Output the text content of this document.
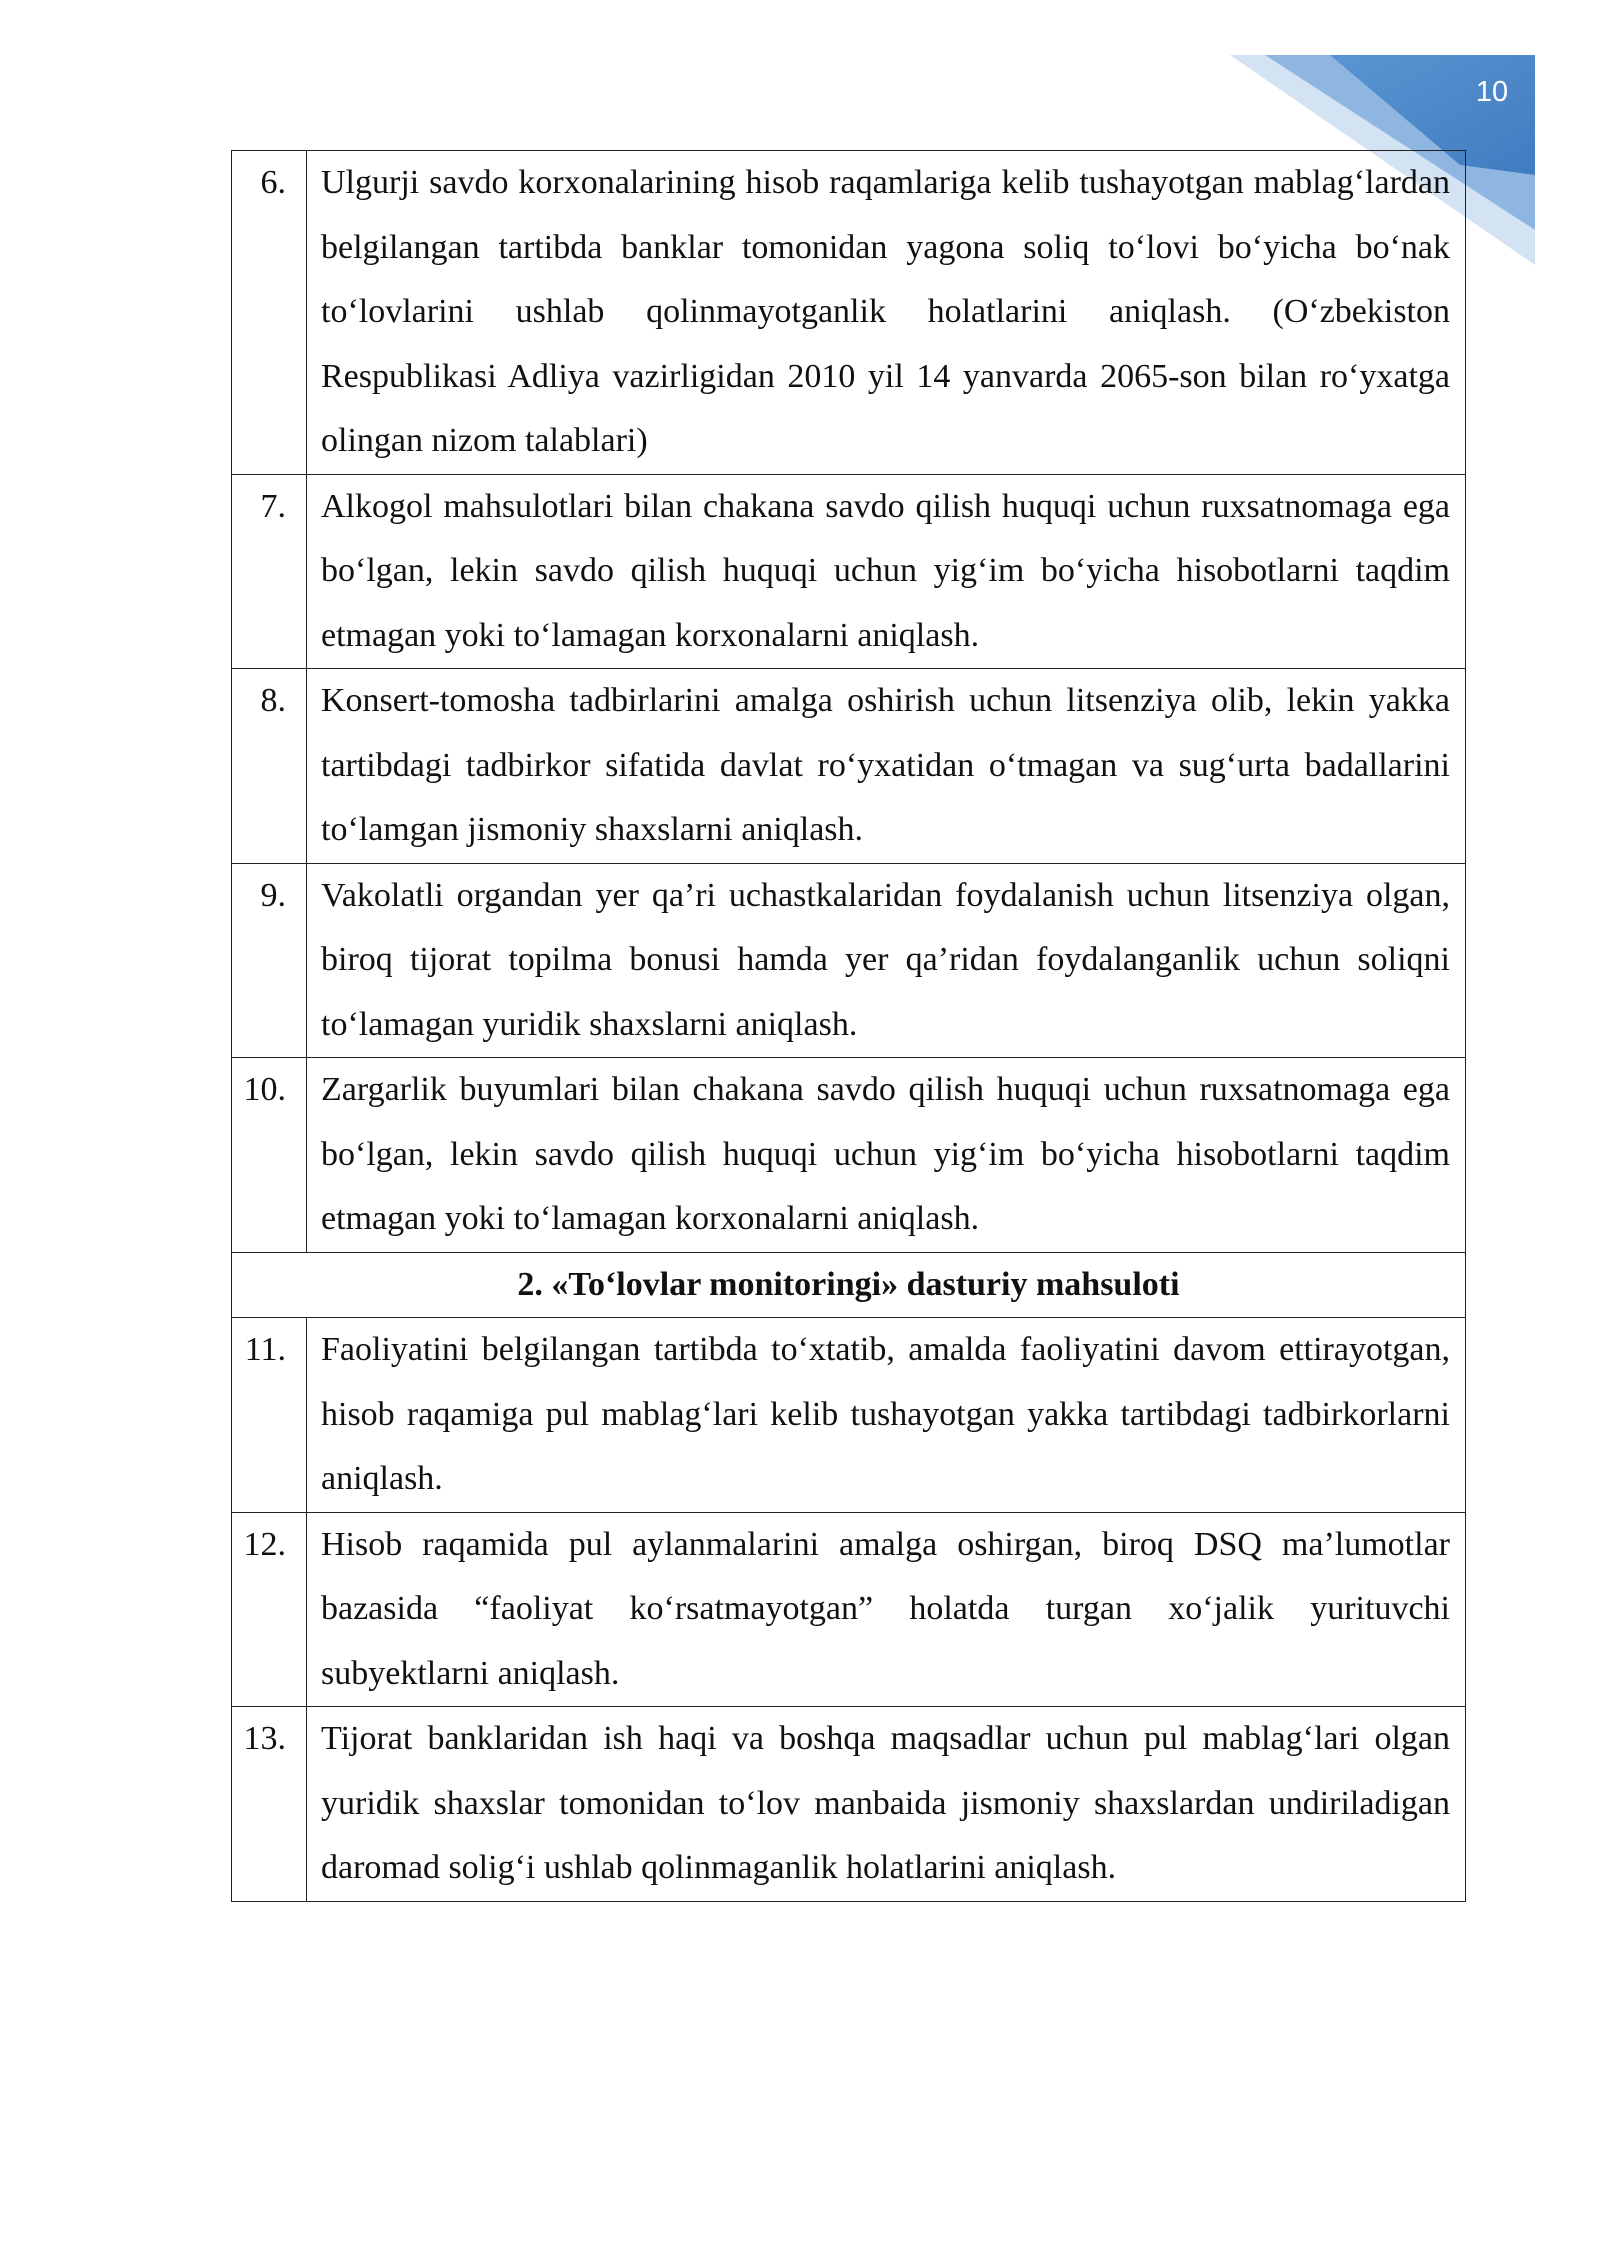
10
6.	Ulgurji savdo korxonalarining hisob raqamlariga kelib tushayotgan mablag‘lardan belgilangan tartibda banklar tomonidan yagona soliq to‘lovi bo‘yicha bo‘nak to‘lovlarini ushlab qolinmayotganlik holatlarini aniqlash. (O‘zbekiston Respublikasi Adliya vazirligidan 2010 yil 14 yanvarda 2065-son bilan ro‘yxatga olingan nizom talablari)
7.	Alkogol mahsulotlari bilan chakana savdo qilish huquqi uchun ruxsatnomaga ega bo‘lgan, lekin savdo qilish huquqi uchun yig‘im bo‘yicha hisobotlarni taqdim etmagan yoki to‘lamagan korxonalarni aniqlash.
8.	Konsert-tomosha tadbirlarini amalga oshirish uchun litsenziya olib, lekin yakka tartibdagi tadbirkor sifatida davlat ro‘yxatidan o‘tmagan va sug‘urta badallarini to‘lamgan jismoniy shaxslarni aniqlash.
9.	Vakolatli organdan yer qa’ri uchastkalaridan foydalanish uchun litsenziya olgan, biroq tijorat topilma bonusi hamda yer qa’ridan foydalanganlik uchun soliqni to‘lamagan yuridik shaxslarni aniqlash.
10.	Zargarlik buyumlari bilan chakana savdo qilish huquqi uchun ruxsatnomaga ega bo‘lgan, lekin savdo qilish huquqi uchun yig‘im bo‘yicha hisobotlarni taqdim etmagan yoki to‘lamagan korxonalarni aniqlash.
2. «To‘lovlar monitoringi» dasturiy mahsuloti	
11.	Faoliyatini belgilangan tartibda to‘xtatib, amalda faoliyatini davom ettirayotgan, hisob raqamiga pul mablag‘lari kelib tushayotgan yakka tartibdagi tadbirkorlarni aniqlash.
12.	Hisob raqamida pul aylanmalarini amalga oshirgan, biroq DSQ ma’lumotlar bazasida “faoliyat ko‘rsatmayotgan” holatda turgan xo‘jalik yurituvchi subyektlarni aniqlash.
13.	Tijorat banklaridan ish haqi va boshqa maqsadlar uchun pul mablag‘lari olgan yuridik shaxslar tomonidan to‘lov manbaida jismoniy shaxslardan undiriladigan daromad solig‘i ushlab qolinmaganlik holatlarini aniqlash.
